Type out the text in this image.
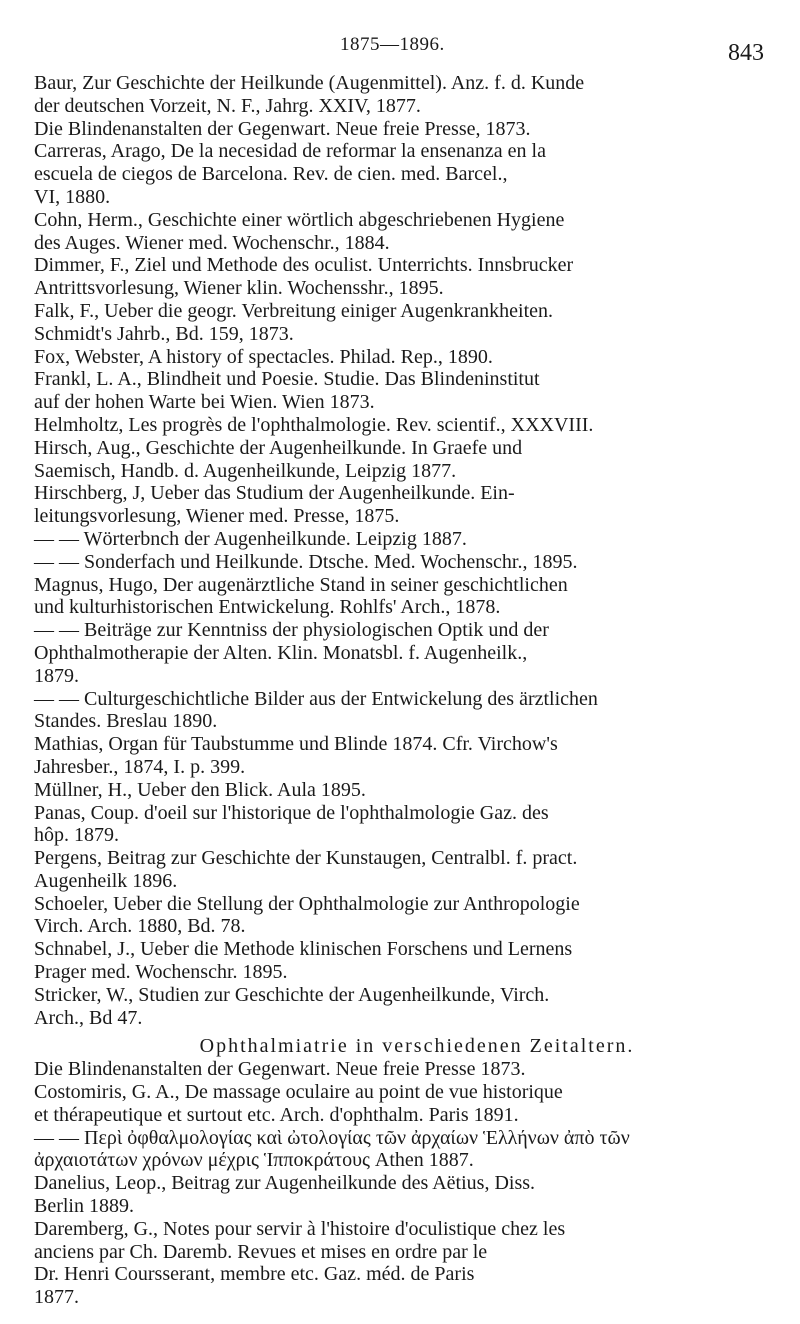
1875—1896.	843

Baur, Zur Geschichte der Heilkunde (Augenmittel). Anz. f. d. Kunde
der deutschen Vorzeit, N. F., Jahrg. XXIV, 1877.

Die Blindenanstalten der Gegenwart. Neue freie Presse, 1873.

Carreras, Arago, De la necesidad de reformar la ensenanza en la
escuela de ciegos de Barcelona. Rev. de cien. med. Barcel.,
VI, 1880.

Cohn, Herm., Geschichte einer wörtlich abgeschriebenen Hygiene
des Auges. Wiener med. Wochenschr., 1884.

Dimmer, F., Ziel und Methode des oculist. Unterrichts. Innsbrucker
Antrittsvorlesung, Wiener klin. Wochensshr., 1895.

Falk, F., Ueber die geogr. Verbreitung einiger Augenkrankheiten.
Schmidt's Jahrb., Bd. 159, 1873.

Fox, Webster, A history of spectacles. Philad. Rep., 1890.

Frankl, L. A., Blindheit und Poesie. Studie. Das Blindeninstitut
auf der hohen Warte bei Wien. Wien 1873.

Helmholtz, Les progrès de l'ophthalmologie. Rev. scientif., XXXVIII.

Hirsch, Aug., Geschichte der Augenheilkunde. In Graefe und
Saemisch, Handb. d. Augenheilkunde, Leipzig 1877.

Hirschberg, J, Ueber das Studium der Augenheilkunde. Ein-
leitungsvorlesung, Wiener med. Presse, 1875.

— — Wörterbnch der Augenheilkunde. Leipzig 1887.

— — Sonderfach und Heilkunde. Dtsche. Med. Wochenschr., 1895.

Magnus, Hugo, Der augenärztliche Stand in seiner geschichtlichen
und kulturhistorischen Entwickelung. Rohlfs' Arch., 1878.

— — Beiträge zur Kenntniss der physiologischen Optik und der
Ophthalmotherapie der Alten. Klin. Monatsbl. f. Augenheilk.,
1879.

— — Culturgeschichtliche Bilder aus der Entwickelung des ärztlichen
Standes. Breslau 1890.

Mathias, Organ für Taubstumme und Blinde 1874. Cfr. Virchow's
Jahresber., 1874, I. p. 399.

Müllner, H., Ueber den Blick. Aula 1895.

Panas, Coup. d'oeil sur l'historique de l'ophthalmologie Gaz. des
hôp. 1879.

Pergens, Beitrag zur Geschichte der Kunstaugen, Centralbl. f. pract.
Augenheilk 1896.

Schoeler, Ueber die Stellung der Ophthalmologie zur Anthropologie
Virch. Arch. 1880, Bd. 78.

Schnabel, J., Ueber die Methode klinischen Forschens und Lernens
Prager med. Wochenschr. 1895.

Stricker, W., Studien zur Geschichte der Augenheilkunde, Virch.
Arch., Bd 47.

Ophthalmiatrie in verschiedenen Zeitaltern.

Die Blindenanstalten der Gegenwart. Neue freie Presse 1873.

Costomiris, G. A., De massage oculaire au point de vue historique
et thérapeutique et surtout etc. Arch. d'ophthalm. Paris 1891.

— — Περὶ ὀφθαλμολογίας καὶ ὠτολογίας τῶν ἀρχαίων Ἑλλήνων ἀπὸ τῶν
ἀρχαιοτάτων χρόνων μέχρις Ἱπποκράτους Athen 1887.

Danelius, Leop., Beitrag zur Augenheilkunde des Aëtius, Diss.
Berlin 1889.

Daremberg, G., Notes pour servir à l'histoire d'oculistique chez les
anciens par Ch. Daremb. Revues et mises en ordre par le
Dr. Henri Coursserant, membre etc. Gaz. méd. de Paris
1877.
